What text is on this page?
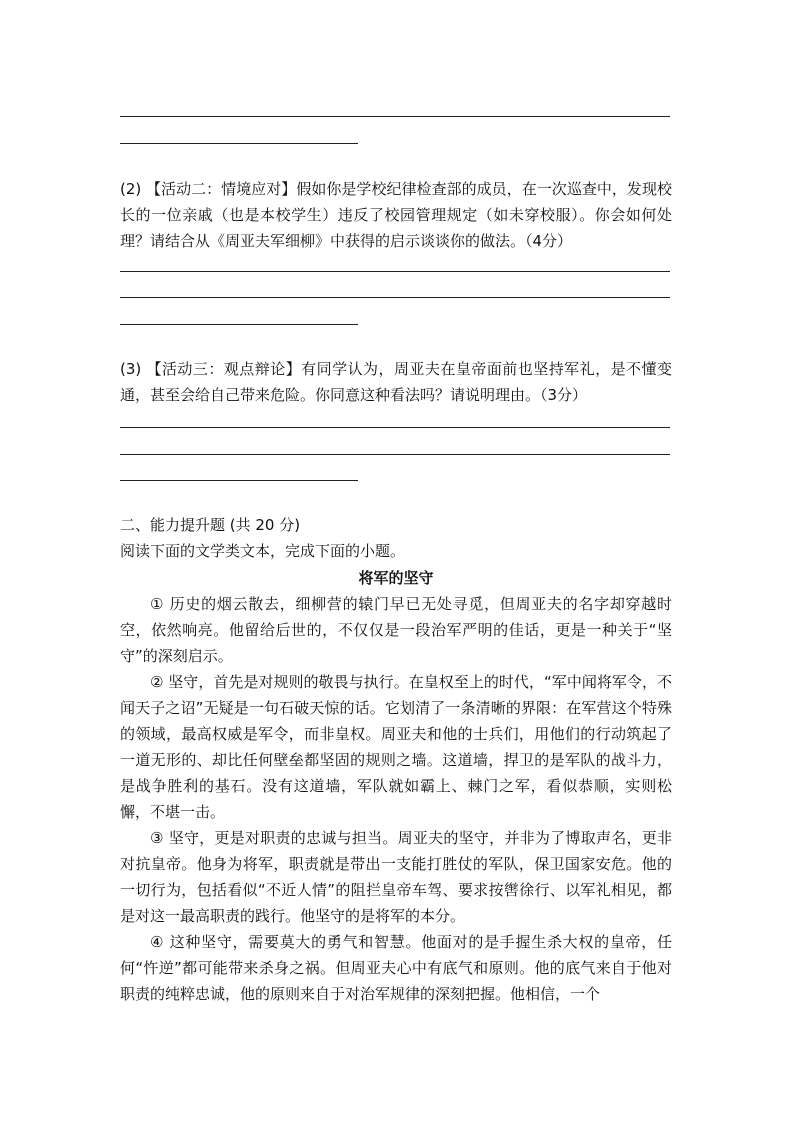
(2) 【活动二：情境应对】假如你是学校纪律检查部的成员，在一次巡查中，发现校长的一位亲戚（也是本校学生）违反了校园管理规定（如未穿校服）。你会如何处理？请结合从《周亚夫军细柳》中获得的启示谈谈你的做法。（4分）

(3) 【活动三：观点辩论】有同学认为，周亚夫在皇帝面前也坚持军礼，是不懂变通，甚至会给自己带来危险。你同意这种看法吗？请说明理由。（3分）

二、能力提升题 (共 20 分)

阅读下面的文学类文本，完成下面的小题。

将军的坚守

① 历史的烟云散去，细柳营的辕门早已无处寻觅，但周亚夫的名字却穿越时空，依然响亮。他留给后世的，不仅仅是一段治军严明的佳话，更是一种关于“坚守”的深刻启示。

② 坚守，首先是对规则的敬畏与执行。在皇权至上的时代，“军中闻将军令，不闻天子之诏”无疑是一句石破天惊的话。它划清了一条清晰的界限：在军营这个特殊的领域，最高权威是军令，而非皇权。周亚夫和他的士兵们，用他们的行动筑起了一道无形的、却比任何壁垒都坚固的规则之墙。这道墙，捍卫的是军队的战斗力，是战争胜利的基石。没有这道墙，军队就如霸上、棘门之军，看似恭顺，实则松懈，不堪一击。

③ 坚守，更是对职责的忠诚与担当。周亚夫的坚守，并非为了博取声名，更非对抗皇帝。他身为将军，职责就是带出一支能打胜仗的军队，保卫国家安危。他的一切行为，包括看似“不近人情”的阻拦皇帝车驾、要求按辔徐行、以军礼相见，都是对这一最高职责的践行。他坚守的是将军的本分。

④ 这种坚守，需要莫大的勇气和智慧。他面对的是手握生杀大权的皇帝，任何“忤逆”都可能带来杀身之祸。但周亚夫心中有底气和原则。他的底气来自于他对职责的纯粹忠诚，他的原则来自于对治军规律的深刻把握。他相信，一个
